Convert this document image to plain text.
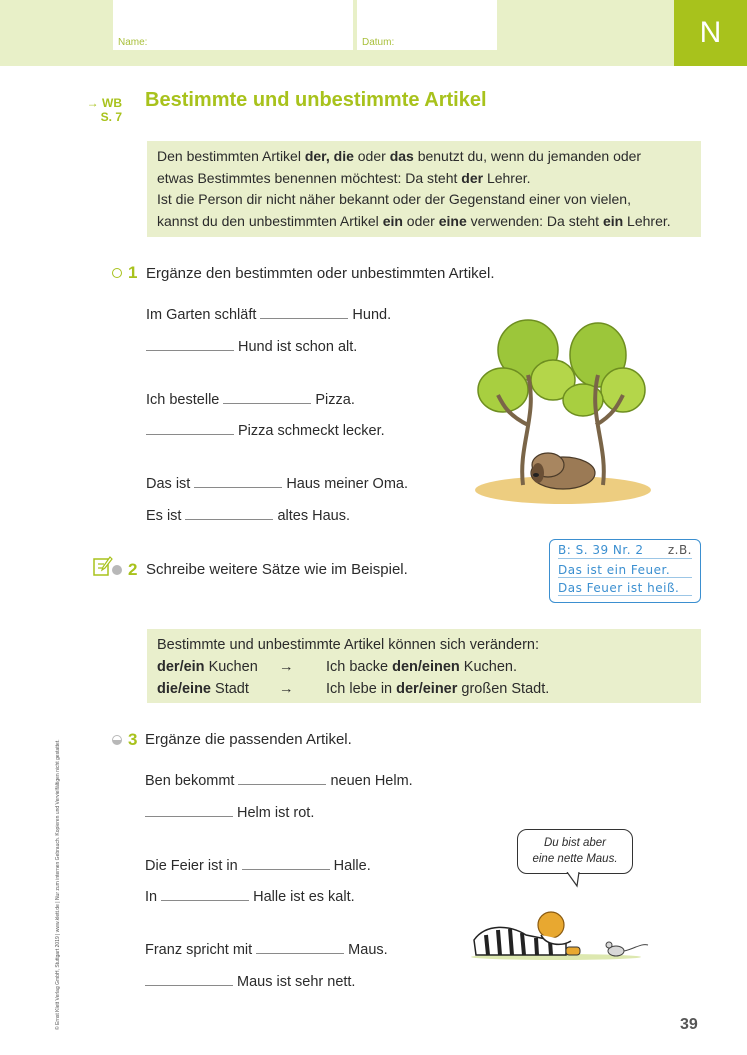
Name:	Datum:	N
→ WB
S. 7
Bestimmte und unbestimmte Artikel
Den bestimmten Artikel der, die oder das benutzt du, wenn du jemanden oder
etwas Bestimmtes benennen möchtest: Da steht der Lehrer.
Ist die Person dir nicht näher bekannt oder der Gegenstand einer von vielen,
kannst du den unbestimmten Artikel ein oder eine verwenden: Da steht ein Lehrer.
1 Ergänze den bestimmten oder unbestimmten Artikel.
Im Garten schläft	Hund.
Hund ist schon alt.
Ich bestelle	Pizza.
Pizza schmeckt lecker.
Das ist	Haus meiner Oma.
Es ist	altes Haus.
2 Schreibe weitere Sätze wie im Beispiel.
B: S. 39 Nr. 2 z.B.
Das ist ein Feuer.
Das Feuer ist heiß.
Bestimmte und unbestimmte Artikel können sich verändern:
der/ein Kuchen → Ich backe den/einen Kuchen.
die/eine Stadt → Ich lebe in der/einer großen Stadt.
3 Ergänze die passenden Artikel.
Ben bekommt	neuen Helm.
Helm ist rot.
Die Feier ist in	Halle.
In	Halle ist es kalt.
Franz spricht mit	Maus.
Maus ist sehr nett.
Du bist aber
eine nette Maus.
39
© Ernst Klett Verlag GmbH, Stuttgart 2019 | www.klett.de | Nur zum internen Gebrauch. Kopieren und Vervielfältigen nicht gestattet.
